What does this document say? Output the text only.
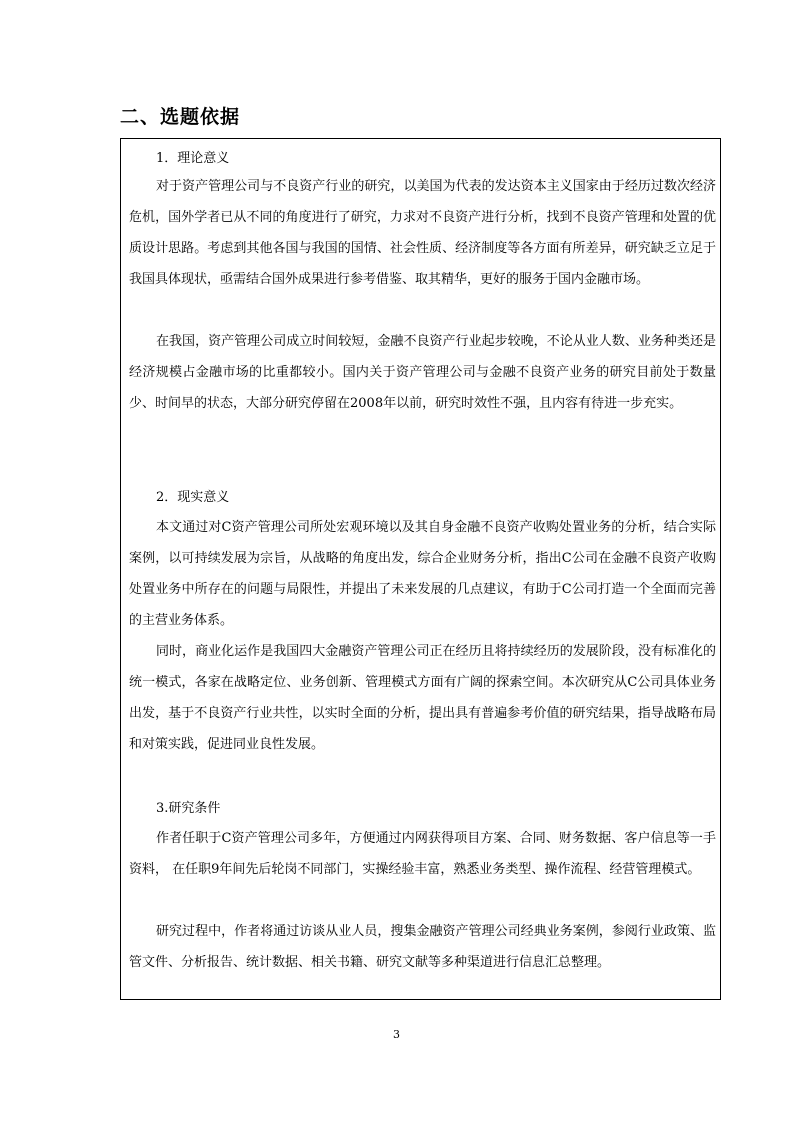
二、选题依据

1．理论意义

对于资产管理公司与不良资产行业的研究，以美国为代表的发达资本主义国家由于经历过数次经济危机，国外学者已从不同的角度进行了研究，力求对不良资产进行分析，找到不良资产管理和处置的优质设计思路。考虑到其他各国与我国的国情、社会性质、经济制度等各方面有所差异，研究缺乏立足于我国具体现状，亟需结合国外成果进行参考借鉴、取其精华，更好的服务于国内金融市场。

在我国，资产管理公司成立时间较短，金融不良资产行业起步较晚，不论从业人数、业务种类还是经济规模占金融市场的比重都较小。国内关于资产管理公司与金融不良资产业务的研究目前处于数量少、时间早的状态，大部分研究停留在2008年以前，研究时效性不强，且内容有待进一步充实。

2．现实意义

本文通过对C资产管理公司所处宏观环境以及其自身金融不良资产收购处置业务的分析，结合实际案例，以可持续发展为宗旨，从战略的角度出发，综合企业财务分析，指出C公司在金融不良资产收购处置业务中所存在的问题与局限性，并提出了未来发展的几点建议，有助于C公司打造一个全面而完善的主营业务体系。

同时，商业化运作是我国四大金融资产管理公司正在经历且将持续经历的发展阶段，没有标准化的统一模式，各家在战略定位、业务创新、管理模式方面有广阔的探索空间。本次研究从C公司具体业务出发，基于不良资产行业共性，以实时全面的分析，提出具有普遍参考价值的研究结果，指导战略布局和对策实践，促进同业良性发展。

3.研究条件

作者任职于C资产管理公司多年，方便通过内网获得项目方案、合同、财务数据、客户信息等一手资料， 在任职9年间先后轮岗不同部门，实操经验丰富，熟悉业务类型、操作流程、经营管理模式。

研究过程中，作者将通过访谈从业人员，搜集金融资产管理公司经典业务案例，参阅行业政策、监管文件、分析报告、统计数据、相关书籍、研究文献等多种渠道进行信息汇总整理。

3
